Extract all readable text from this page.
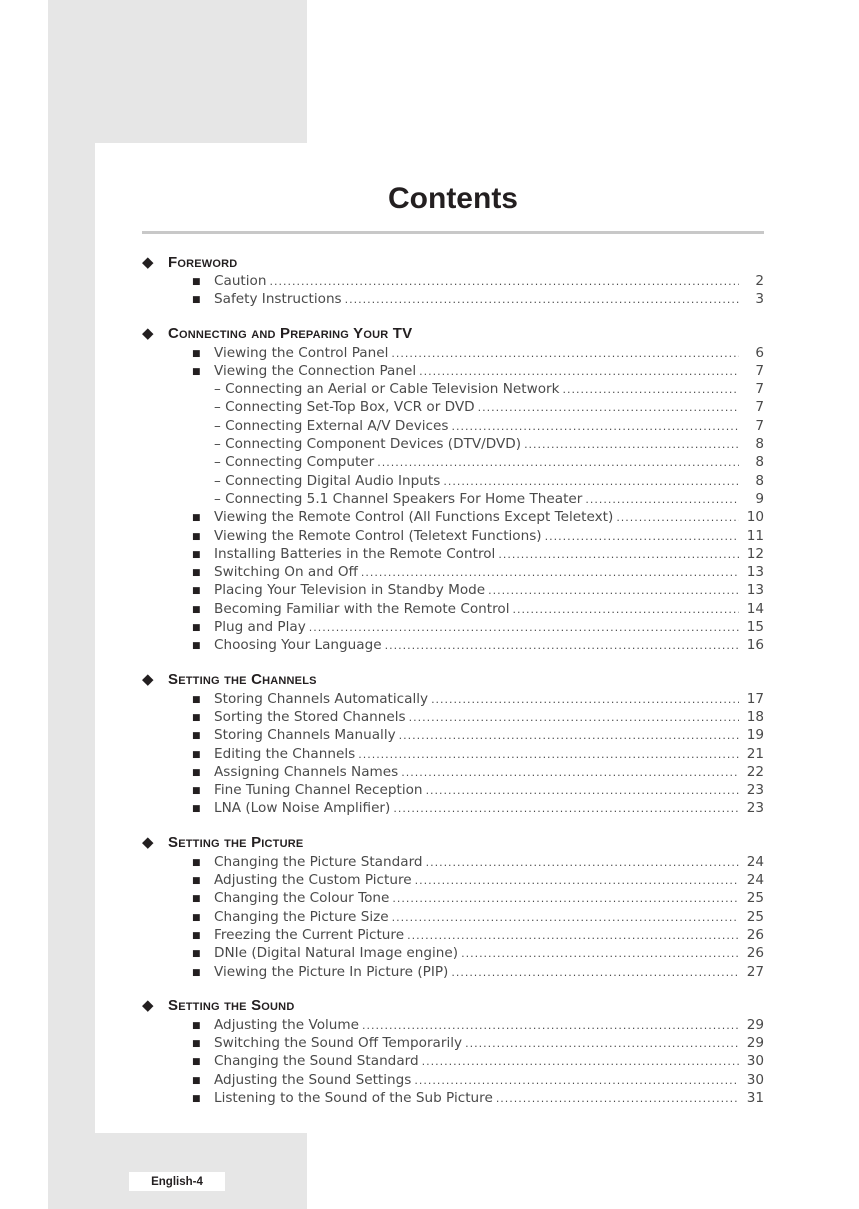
Contents
◆ Foreword
■ Caution .....	2
■ Safety Instructions .....	3
◆ Connecting and Preparing Your TV
■ Viewing the Control Panel .....	6
■ Viewing the Connection Panel .....	7
– Connecting an Aerial or Cable Television Network .....	7
– Connecting Set-Top Box, VCR or DVD .....	7
– Connecting External A/V Devices .....	7
– Connecting Component Devices (DTV/DVD) .....	8
– Connecting Computer .....	8
– Connecting Digital Audio Inputs .....	8
– Connecting 5.1 Channel Speakers For Home Theater .....	9
■ Viewing the Remote Control (All Functions Except Teletext) .....	10
■ Viewing the Remote Control (Teletext Functions) .....	11
■ Installing Batteries in the Remote Control .....	12
■ Switching On and Off .....	13
■ Placing Your Television in Standby Mode .....	13
■ Becoming Familiar with the Remote Control .....	14
■ Plug and Play .....	15
■ Choosing Your Language .....	16
◆ Setting the Channels
■ Storing Channels Automatically .....	17
■ Sorting the Stored Channels .....	18
■ Storing Channels Manually .....	19
■ Editing the Channels .....	21
■ Assigning Channels Names .....	22
■ Fine Tuning Channel Reception .....	23
■ LNA (Low Noise Amplifier) .....	23
◆ Setting the Picture
■ Changing the Picture Standard .....	24
■ Adjusting the Custom Picture .....	24
■ Changing the Colour Tone .....	25
■ Changing the Picture Size .....	25
■ Freezing the Current Picture .....	26
■ DNIe (Digital Natural Image engine) .....	26
■ Viewing the Picture In Picture (PIP) .....	27
◆ Setting the Sound
■ Adjusting the Volume .....	29
■ Switching the Sound Off Temporarily .....	29
■ Changing the Sound Standard .....	30
■ Adjusting the Sound Settings .....	30
■ Listening to the Sound of the Sub Picture .....	31
English-4
